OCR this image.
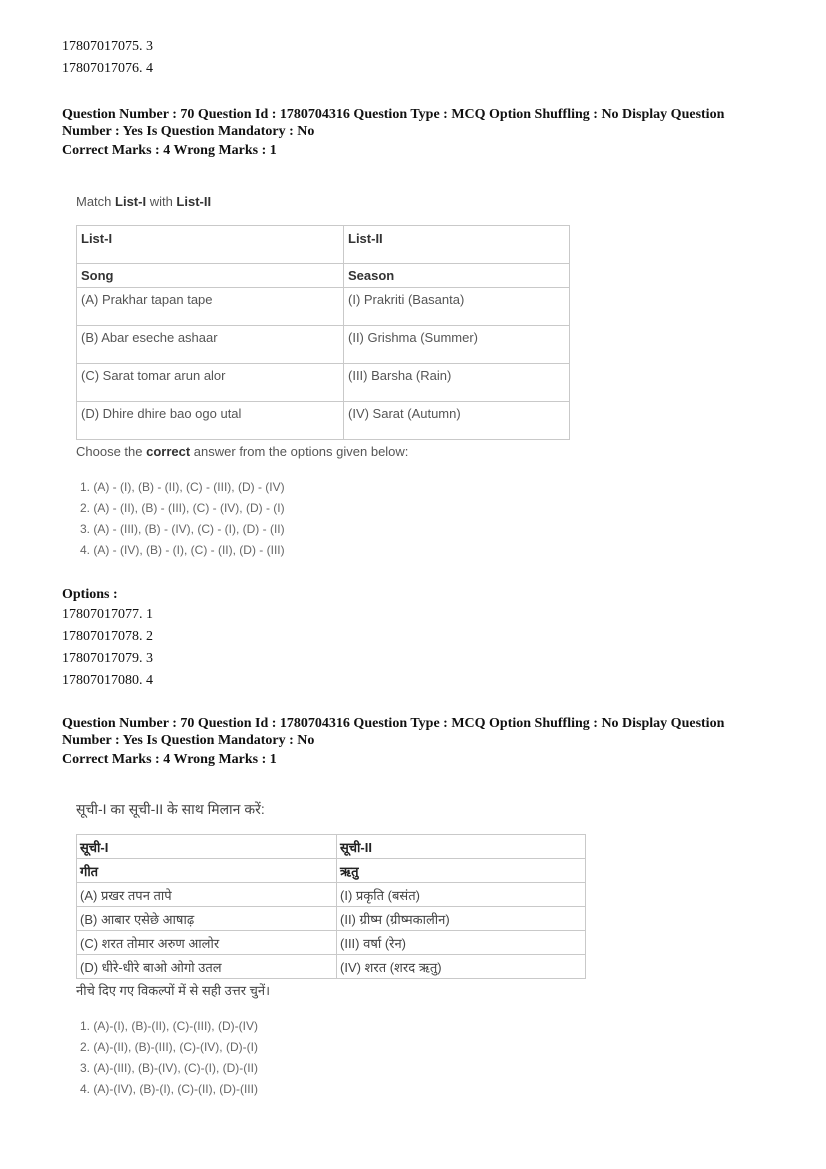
17807017075. 3
17807017076. 4
Question Number : 70 Question Id : 1780704316 Question Type : MCQ Option Shuffling : No Display Question
Number : Yes Is Question Mandatory : No
Correct Marks : 4 Wrong Marks : 1
Match List-I with List-II
List-I	List-II
Song	Season
(A) Prakhar tapan tape	(I) Prakriti (Basanta)
(B) Abar eseche ashaar	(II) Grishma (Summer)
(C) Sarat tomar arun alor	(III) Barsha (Rain)
(D) Dhire dhire bao ogo utal	(IV) Sarat (Autumn)
Choose the correct answer from the options given below:
1. (A) - (I), (B) - (II), (C) - (III), (D) - (IV)
2. (A) - (II), (B) - (III), (C) - (IV), (D) - (I)
3. (A) - (III), (B) - (IV), (C) - (I), (D) - (II)
4. (A) - (IV), (B) - (I), (C) - (II), (D) - (III)
Options :
17807017077. 1
17807017078. 2
17807017079. 3
17807017080. 4
Question Number : 70 Question Id : 1780704316 Question Type : MCQ Option Shuffling : No Display Question
Number : Yes Is Question Mandatory : No
Correct Marks : 4 Wrong Marks : 1
सूची-I का सूची-II के साथ मिलान करें:
सूची-I	सूची-II
गीत	ऋतु
(A) प्रखर तपन तापे	(I) प्रकृति (बसंत)
(B) आबार एसेछे आषाढ़	(II) ग्रीष्म (ग्रीष्मकालीन)
(C) शरत तोमार अरुण आलोर	(III) वर्षा (रेन)
(D) धीरे-धीरे बाओ ओगो उतल	(IV) शरत (शरद ऋतु)
नीचे दिए गए विकल्पों में से सही उत्तर चुनें।
1. (A)-(I), (B)-(II), (C)-(III), (D)-(IV)
2. (A)-(II), (B)-(III), (C)-(IV), (D)-(I)
3. (A)-(III), (B)-(IV), (C)-(I), (D)-(II)
4. (A)-(IV), (B)-(I), (C)-(II), (D)-(III)
